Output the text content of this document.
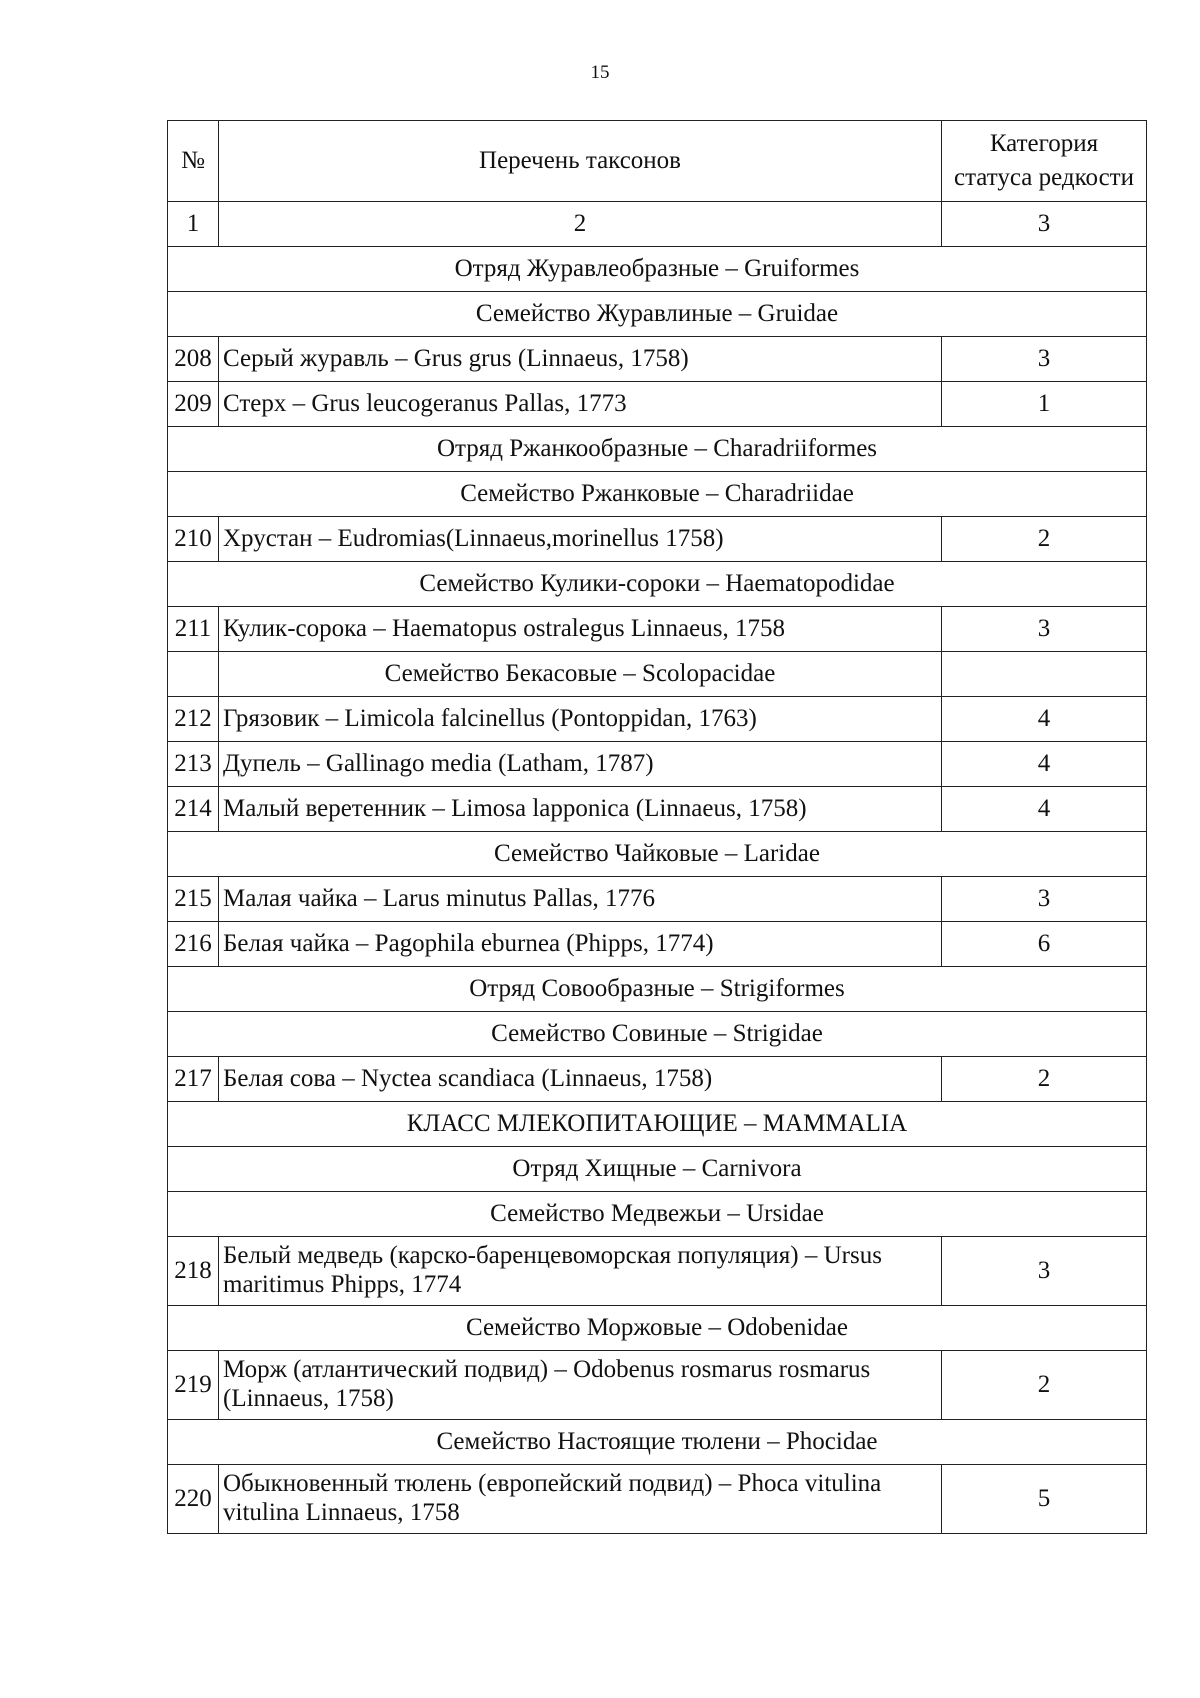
15
№	Перечень таксонов	Категория
статуса редкости
1	2	3
Отряд Журавлеобразные – Gruiformes		
Семейство Журавлиные – Gruidae		
208	Серый журавль – Grus grus (Linnaeus, 1758)	3
209	Стерх – Grus leucogeranus Pallas, 1773	1
Отряд Ржанкообразные – Charadriiformes		
Семейство Ржанковые – Charadriidae		
210	Хрустан – Eudromias(Linnaeus,morinellus 1758)	2
Семейство Кулики-сороки – Haematopodidae		
211	Кулик-сорока – Haematopus ostralegus Linnaeus, 1758	3
	Семейство Бекасовые – Scolopacidae	
212	Грязовик – Limicola falcinellus (Pontoppidan, 1763)	4
213	Дупель – Gallinago media (Latham, 1787)	4
214	Малый веретенник – Limosa lapponica (Linnaeus, 1758)	4
Семейство Чайковые – Laridae		
215	Малая чайка – Larus minutus Pallas, 1776	3
216	Белая чайка – Pagophila eburnea (Phipps, 1774)	6
Отряд Совообразные – Strigiformes		
Семейство Совиные – Strigidae		
217	Белая сова – Nyctea scandiaca (Linnaeus, 1758)	2
КЛАСС МЛЕКОПИТАЮЩИЕ – MAMMALIA		
Отряд Хищные – Carnivora		
Семейство Медвежьи – Ursidae		
218	Белый медведь (карско-баренцевоморская популяция) – Ursus maritimus Phipps, 1774	3
Семейство Моржовые – Odobenidae		
219	Морж (атлантический подвид) – Odobenus rosmarus rosmarus (Linnaeus, 1758)	2
Семейство Настоящие тюлени – Phocidae		
220	Обыкновенный тюлень (европейский подвид) – Phoca vitulina vitulina Linnaeus, 1758	5
